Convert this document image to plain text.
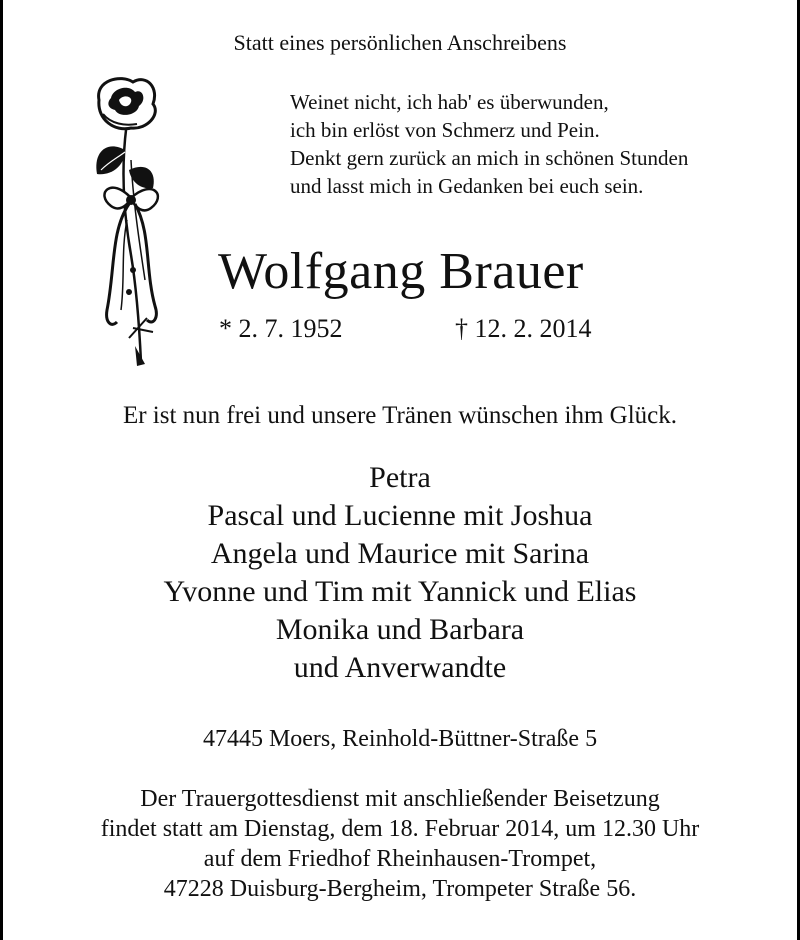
Statt eines persönlichen Anschreibens
Weinet nicht, ich hab' es überwunden,
ich bin erlöst von Schmerz und Pein.
Denkt gern zurück an mich in schönen Stunden
und lasst mich in Gedanken bei euch sein.
Wolfgang Brauer
* 2. 7. 1952	† 12. 2. 2014
Er ist nun frei und unsere Tränen wünschen ihm Glück.
Petra
Pascal und Lucienne mit Joshua
Angela und Maurice mit Sarina
Yvonne und Tim mit Yannick und Elias
Monika und Barbara
und Anverwandte
47445 Moers, Reinhold-Büttner-Straße 5
Der Trauergottesdienst mit anschließender Beisetzung
findet statt am Dienstag, dem 18. Februar 2014, um 12.30 Uhr
auf dem Friedhof Rheinhausen-Trompet,
47228 Duisburg-Bergheim, Trompeter Straße 56.
